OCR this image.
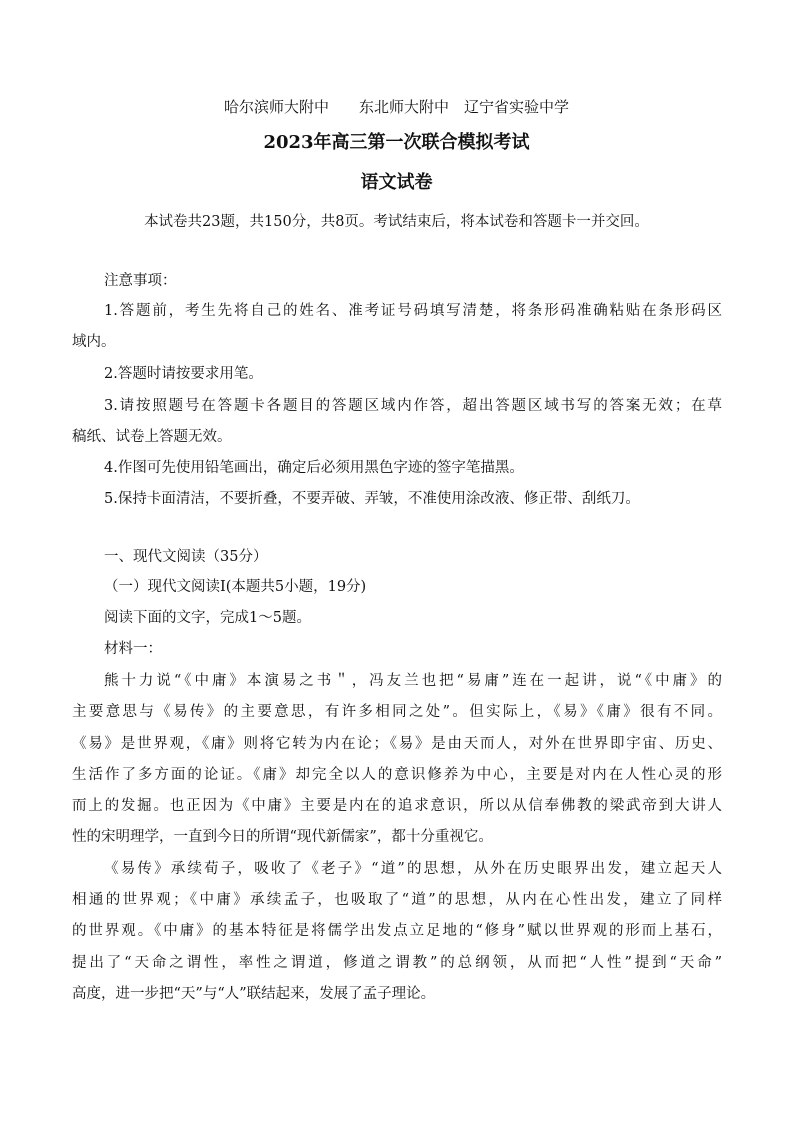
哈尔滨师大附中　　东北师大附中　辽宁省实验中学
2023年高三第一次联合模拟考试
语文试卷
本试卷共23题，共150分，共8页。考试结束后，将本试卷和答题卡一并交回。
注意事项：
1.答题前，考生先将自己的姓名、准考证号码填写清楚，将条形码准确粘贴在条形码区
域内。
2.答题时请按要求用笔。
3.请按照题号在答题卡各题目的答题区域内作答，超出答题区域书写的答案无效；在草
稿纸、试卷上答题无效。
4.作图可先使用铅笔画出，确定后必须用黑色字迹的签字笔描黑。
5.保持卡面清洁，不要折叠，不要弄破、弄皱，不准使用涂改液、修正带、刮纸刀。
一、现代文阅读（35分）
（一）现代文阅读Ⅰ(本题共5小题，19分)
阅读下面的文字，完成1～5题。
材料一：
熊十力说“《中庸》本演易之书＂，冯友兰也把“易庸”连在一起讲，说“《中庸》的
主要意思与《易传》的主要意思，有许多相同之处”。但实际上，《易》《庸》很有不同。
《易》是世界观，《庸》则将它转为内在论；《易》是由天而人，对外在世界即宇宙、历史、
生活作了多方面的论证。《庸》却完全以人的意识修养为中心，主要是对内在人性心灵的形
而上的发掘。也正因为《中庸》主要是内在的追求意识，所以从信奉佛教的梁武帝到大讲人
性的宋明理学，一直到今日的所谓“现代新儒家”，都十分重视它。
《易传》承续荀子，吸收了《老子》“道”的思想，从外在历史眼界出发，建立起天人
相通的世界观；《中庸》承续孟子，也吸取了“道”的思想，从内在心性出发，建立了同样
的世界观。《中庸》的基本特征是将儒学出发点立足地的“修身”赋以世界观的形而上基石，
提出了“天命之谓性，率性之谓道，修道之谓教”的总纲领，从而把“人性”提到“天命”
高度，进一步把“天”与“人”联结起来，发展了孟子理论。
